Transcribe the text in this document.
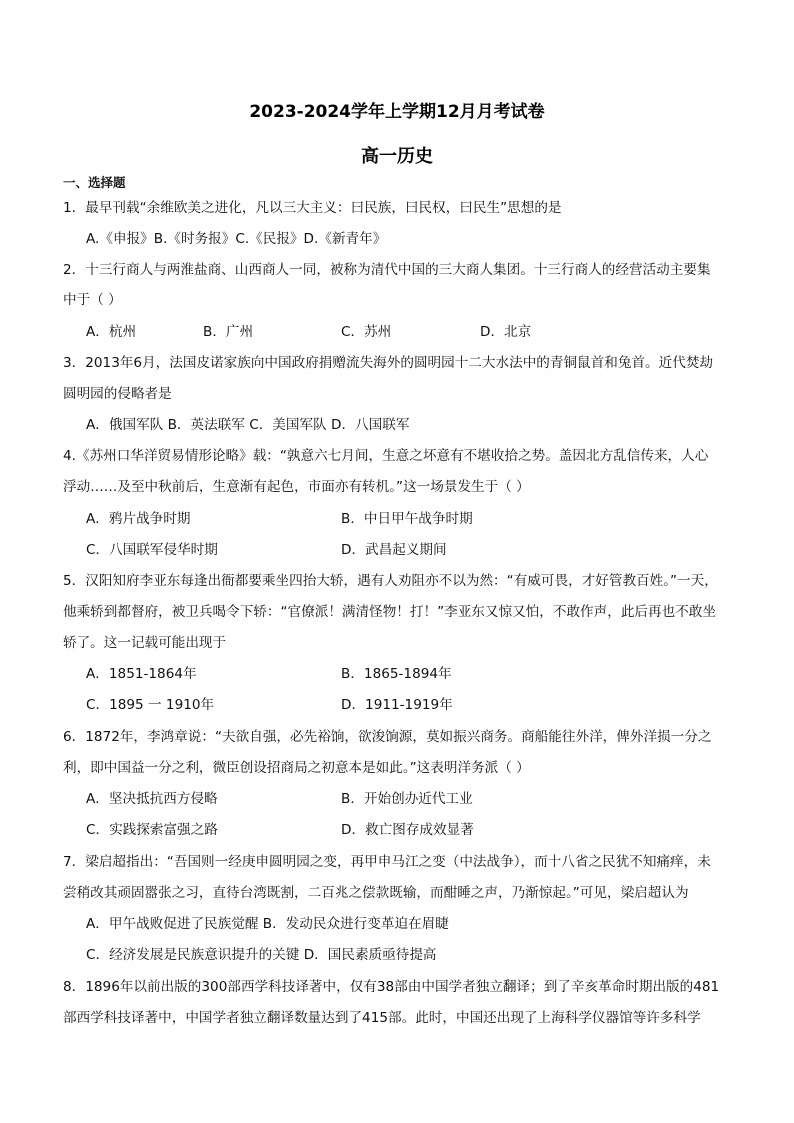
2023-2024学年上学期12月月考试卷
高一历史
一、选择题
1．最早刊载“余维欧美之进化，凡以三大主义：曰民族，曰民权，曰民生”思想的是
A.《申报》B.《时务报》C.《民报》D.《新青年》
2．十三行商人与两淮盐商、山西商人一同，被称为清代中国的三大商人集团。十三行商人的经营活动主要集
中于（ ）
A．杭州	B．广州	C．苏州	D．北京
3．2013年6月，法国皮诺家族向中国政府捐赠流失海外的圆明园十二大水法中的青铜鼠首和兔首。近代焚劫
圆明园的侵略者是
A．俄国军队 B．英法联军 C．美国军队 D．八国联军
4.《苏州口华洋贸易情形论略》载：“孰意六七月间，生意之坏意有不堪收拾之势。盖因北方乱信传来，人心
浮动……及至中秋前后，生意渐有起色，市面亦有转机。”这一场景发生于（ ）
A．鸦片战争时期	B．中日甲午战争时期
C．八国联军侵华时期	D．武昌起义期间
5．汉阳知府李亚东每逢出衙都要乘坐四抬大轿，遇有人劝阻亦不以为然：“有威可畏，才好管教百姓。”一天，
他乘轿到都督府，被卫兵喝令下轿：“官僚派！满清怪物！打！”李亚东又惊又怕，不敢作声，此后再也不敢坐
轿了。这一记载可能出现于
A．1851-1864年	B．1865-1894年
C．1895 一 1910年	D．1911-1919年
6．1872年，李鸿章说：“夫欲自强，必先裕饷，欲浚饷源，莫如振兴商务。商船能往外洋，俾外洋损一分之
利，即中国益一分之利，微臣创设招商局之初意本是如此。”这表明洋务派（ ）
A．坚决抵抗西方侵略	B．开始创办近代工业
C．实践探索富强之路	D．救亡图存成效显著
7．梁启超指出：“吾国则一经庚申圆明园之变，再甲申马江之变（中法战争），而十八省之民犹不知痛痒，未
尝稍改其顽固嚣张之习，直待台湾既割，二百兆之偿款既输，而酣睡之声，乃渐惊起。”可见，梁启超认为
A．甲午战败促进了民族觉醒 B．发动民众进行变革迫在眉睫
C．经济发展是民族意识提升的关键 D．国民素质亟待提高
8．1896年以前出版的300部西学科技译著中，仅有38部由中国学者独立翻译；到了辛亥革命时期出版的481
部西学科技译著中，中国学者独立翻译数量达到了415部。此时，中国还出现了上海科学仪器馆等许多科学
